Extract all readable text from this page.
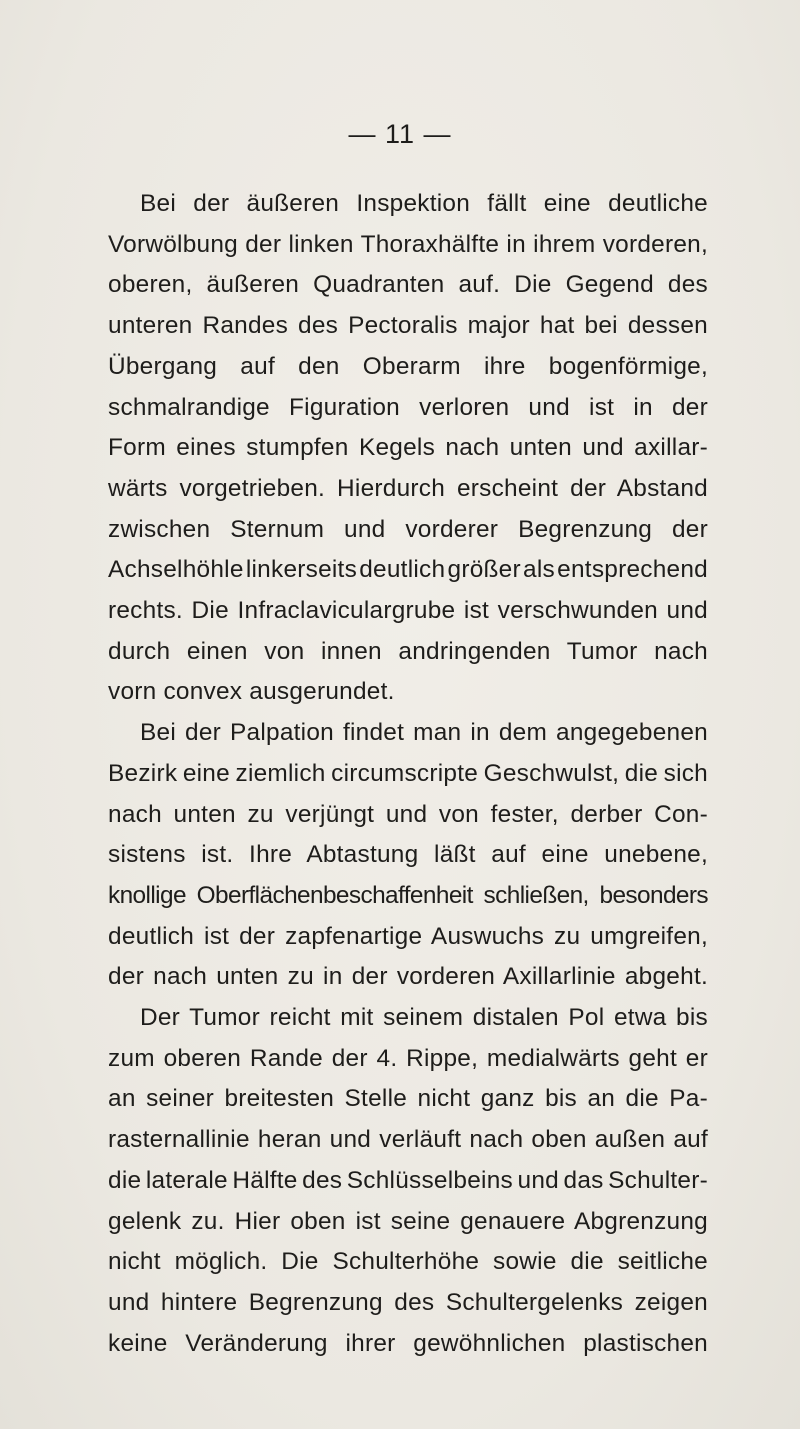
— 11 —
Bei der äußeren Inspektion fällt eine deutliche
Vorwölbung der linken Thoraxhälfte in ihrem vorderen,
oberen, äußeren Quadranten auf. Die Gegend des
unteren Randes des Pectoralis major hat bei dessen
Übergang auf den Oberarm ihre bogenförmige,
schmalrandige Figuration verloren und ist in der
Form eines stumpfen Kegels nach unten und axillar-
wärts vorgetrieben. Hierdurch erscheint der Abstand
zwischen Sternum und vorderer Begrenzung der
Achselhöhle linkerseits deutlich größer als entsprechend
rechts. Die Infraclaviculargrube ist verschwunden und
durch einen von innen andringenden Tumor nach
vorn convex ausgerundet.
Bei der Palpation findet man in dem angegebenen
Bezirk eine ziemlich circumscripte Geschwulst, die sich
nach unten zu verjüngt und von fester, derber Con-
sistens ist. Ihre Abtastung läßt auf eine unebene,
knollige Oberflächenbeschaffenheit schließen, besonders
deutlich ist der zapfenartige Auswuchs zu umgreifen,
der nach unten zu in der vorderen Axillarlinie abgeht.
Der Tumor reicht mit seinem distalen Pol etwa bis
zum oberen Rande der 4. Rippe, medialwärts geht er
an seiner breitesten Stelle nicht ganz bis an die Pa-
rasternallinie heran und verläuft nach oben außen auf
die laterale Hälfte des Schlüsselbeins und das Schulter-
gelenk zu. Hier oben ist seine genauere Abgrenzung
nicht möglich. Die Schulterhöhe sowie die seitliche
und hintere Begrenzung des Schultergelenks zeigen
keine Veränderung ihrer gewöhnlichen plastischen
